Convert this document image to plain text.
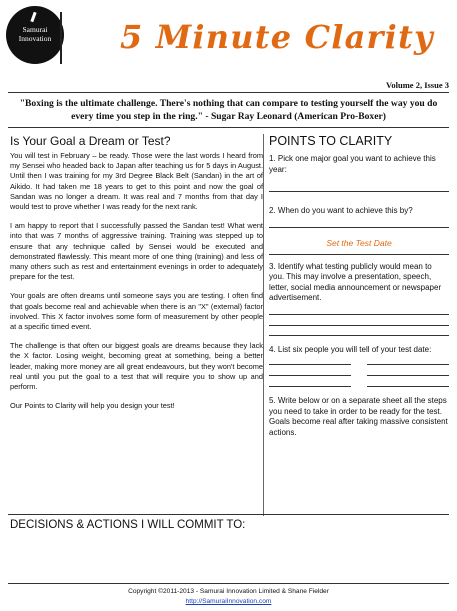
Samurai
Innovation	5 Minute Clarity
Volume 2, Issue 3
"Boxing is the ultimate challenge. There's nothing that can compare to testing yourself the way you do every time you step in the ring." - Sugar Ray Leonard (American Pro-Boxer)
Is Your Goal a Dream or Test?

You will test in February – be ready. Those were the last words I heard from my Sensei who headed back to Japan after teaching us for 5 days in August. Until then I was training for my 3rd Degree Black Belt (Sandan) in the art of Aikido. It had taken me 18 years to get to this point and now the goal of Sandan was no longer a dream. It was real and 7 months from that day I would test to prove whether I was ready for the next rank.

I am happy to report that I successfully passed the Sandan test! What went into that was 7 months of aggressive training. Training was stepped up to ensure that any technique called by Sensei would be executed and demonstrated flawlessly. This meant more of one thing (training) and less of many others such as rest and entertainment evenings in order to adequately prepare for the test.

Your goals are often dreams until someone says you are testing. I often find that goals become real and achievable when there is an "X" (external) factor involved. This X factor involves some form of measurement by other people at a specific timed event.

The challenge is that often our biggest goals are dreams because they lack the X factor. Losing weight, becoming great at something, being a better leader, making more money are all great endeavours, but they won't become real until you put the goal to a test that will require you to show up and perform.

Our Points to Clarity will help you design your test!

POINTS TO CLARITY

1. Pick one major goal you want to achieve this year:

2. When do you want to achieve this by?

Set the Test Date

3. Identify what testing publicly would mean to you. This may involve a presentation, speech, letter, social media announcement or newspaper advertisement.

4. List six people you will tell of your test date:

5. Write below or on a separate sheet all the steps you need to take in order to be ready for the test. Goals become real after taking massive consistent actions.

DECISIONS & ACTIONS I WILL COMMIT TO:
Copyright ©2011-2013 - Samurai Innovation Limited & Shane Fielder
http://SamuraiInnovation.com
